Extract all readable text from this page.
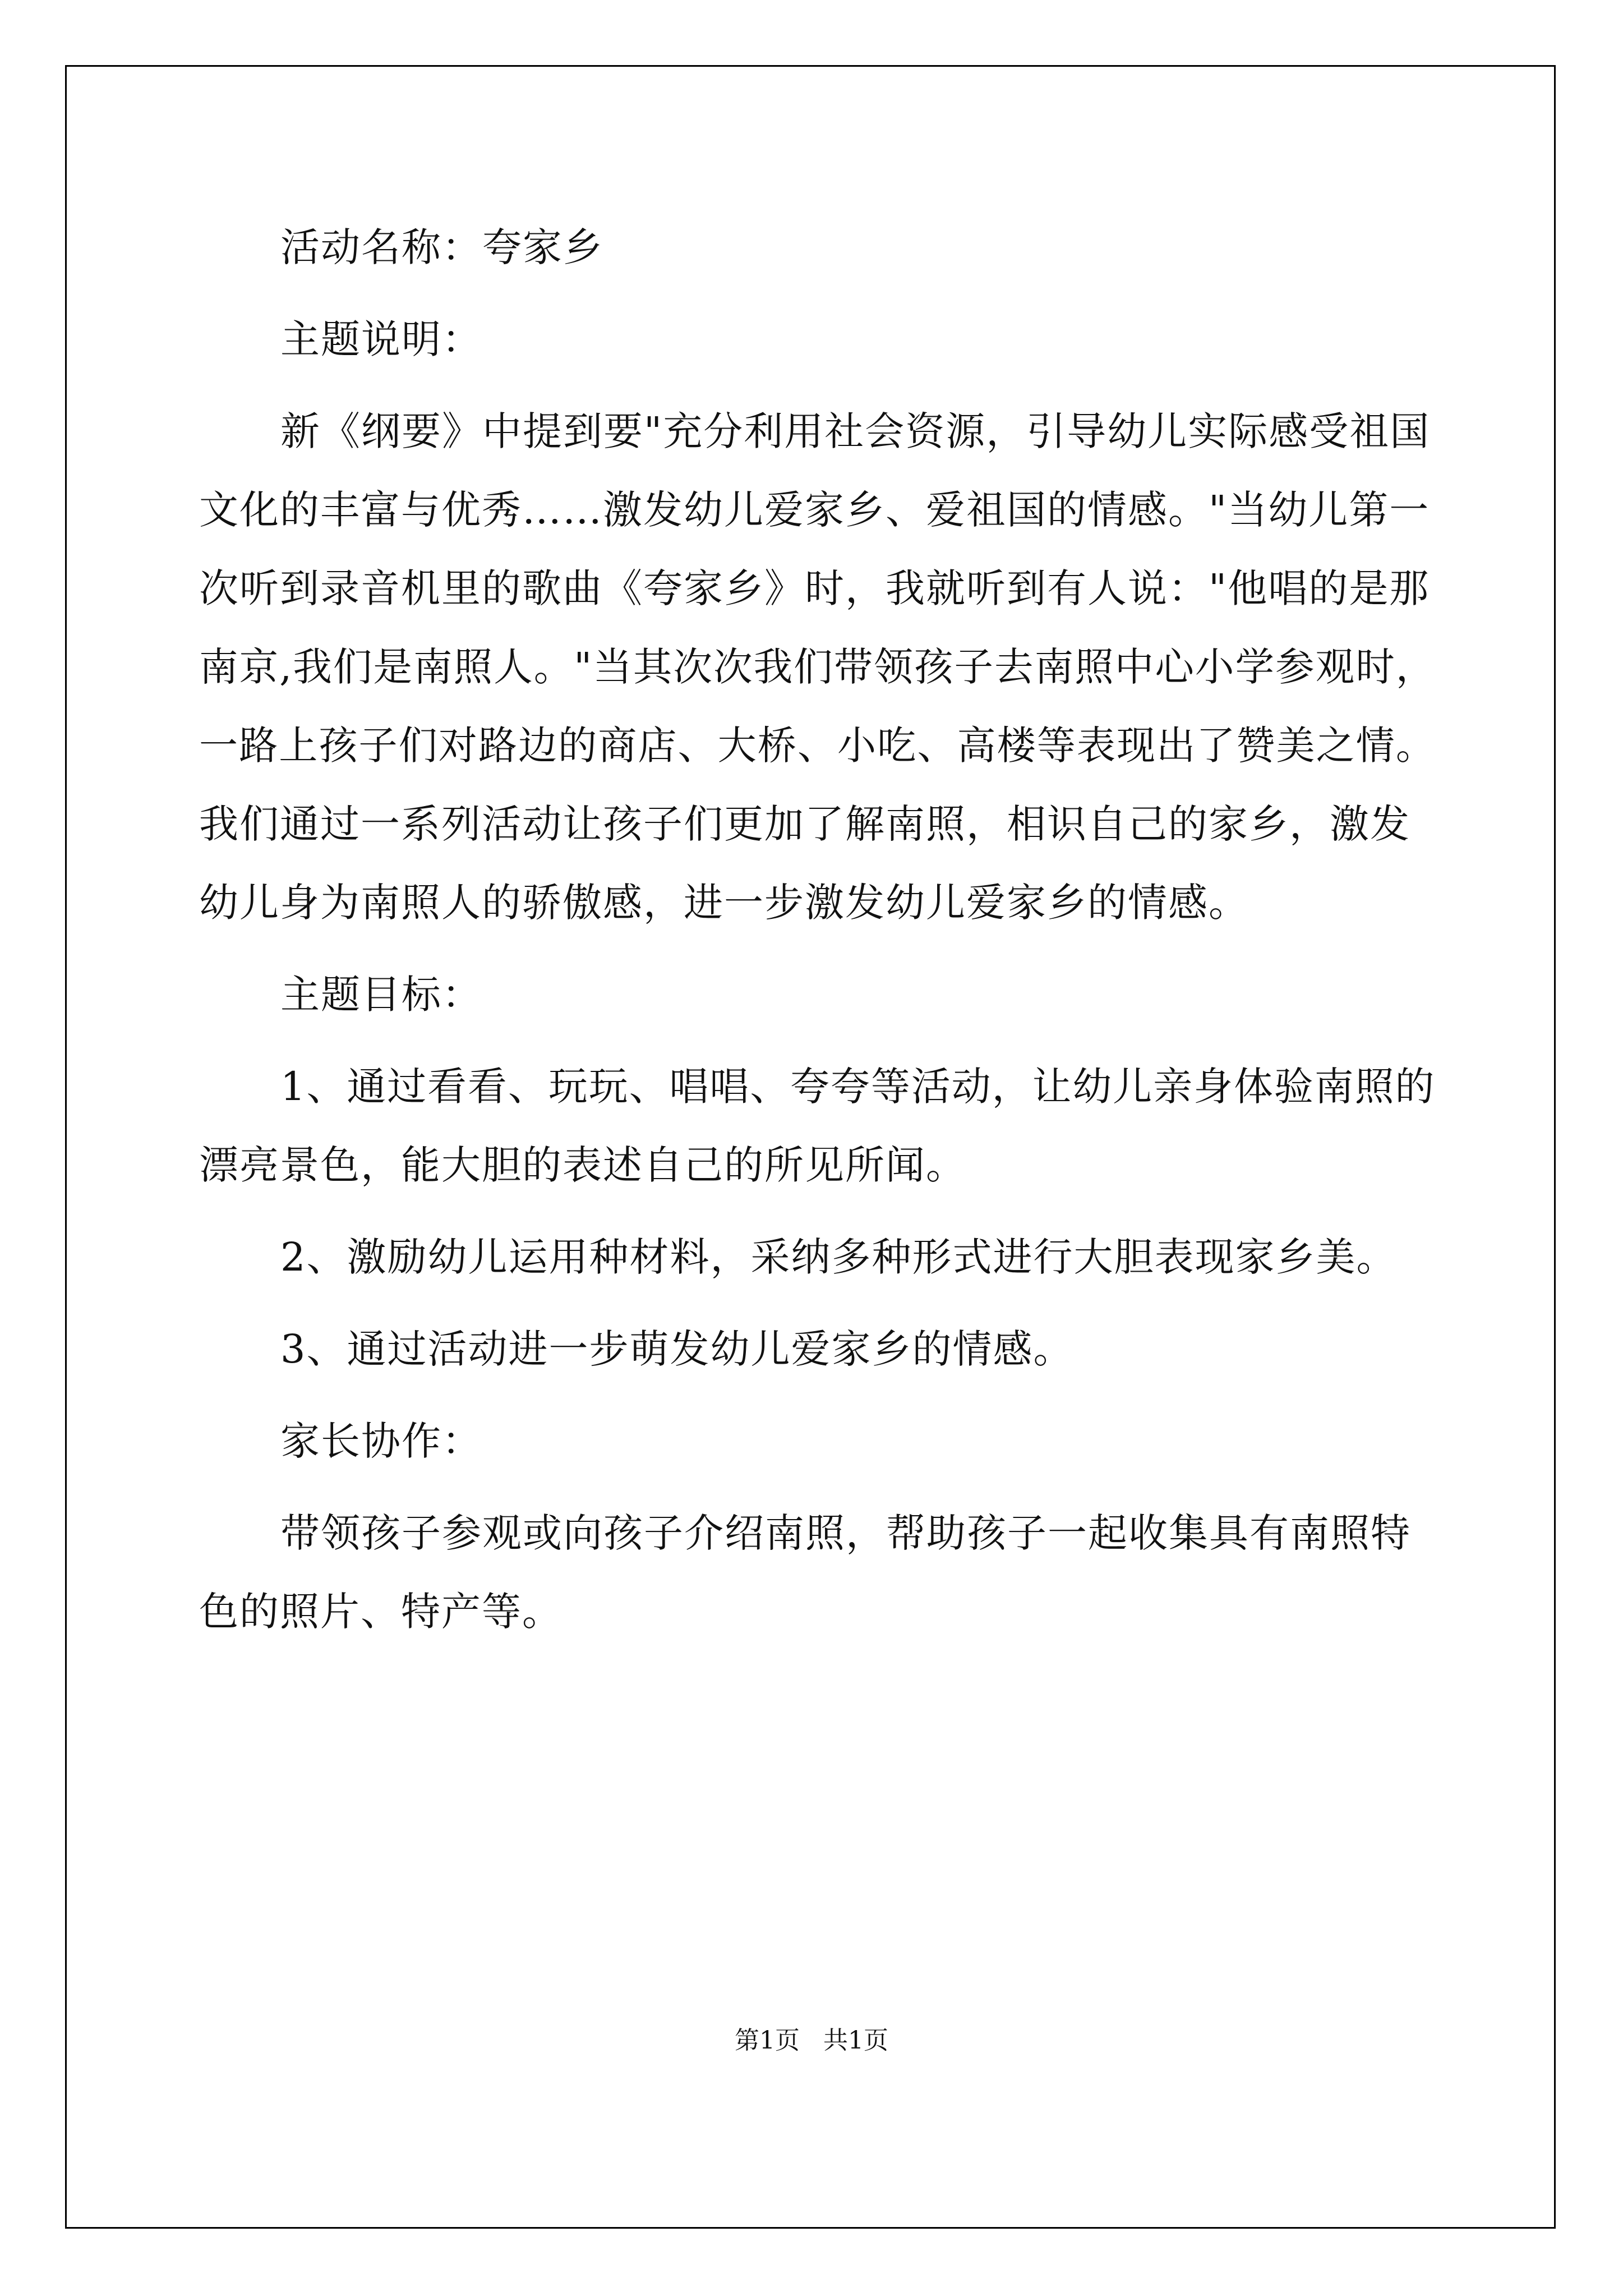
活动名称：夸家乡

主题说明：

新《纲要》中提到要"充分利用社会资源，引导幼儿实际感受祖国

文化的丰富与优秀……激发幼儿爱家乡、爱祖国的情感。"当幼儿第一

次听到录音机里的歌曲《夸家乡》时，我就听到有人说："他唱的是那

南京,我们是南照人。"当其次次我们带领孩子去南照中心小学参观时，

一路上孩子们对路边的商店、大桥、小吃、高楼等表现出了赞美之情。

我们通过一系列活动让孩子们更加了解南照，相识自己的家乡，激发

幼儿身为南照人的骄傲感，进一步激发幼儿爱家乡的情感。

主题目标：

1、通过看看、玩玩、唱唱、夸夸等活动，让幼儿亲身体验南照的

漂亮景色，能大胆的表述自己的所见所闻。

2、激励幼儿运用种材料，采纳多种形式进行大胆表现家乡美。

3、通过活动进一步萌发幼儿爱家乡的情感。

家长协作：

带领孩子参观或向孩子介绍南照，帮助孩子一起收集具有南照特

色的照片、特产等。

第1页   共1页
